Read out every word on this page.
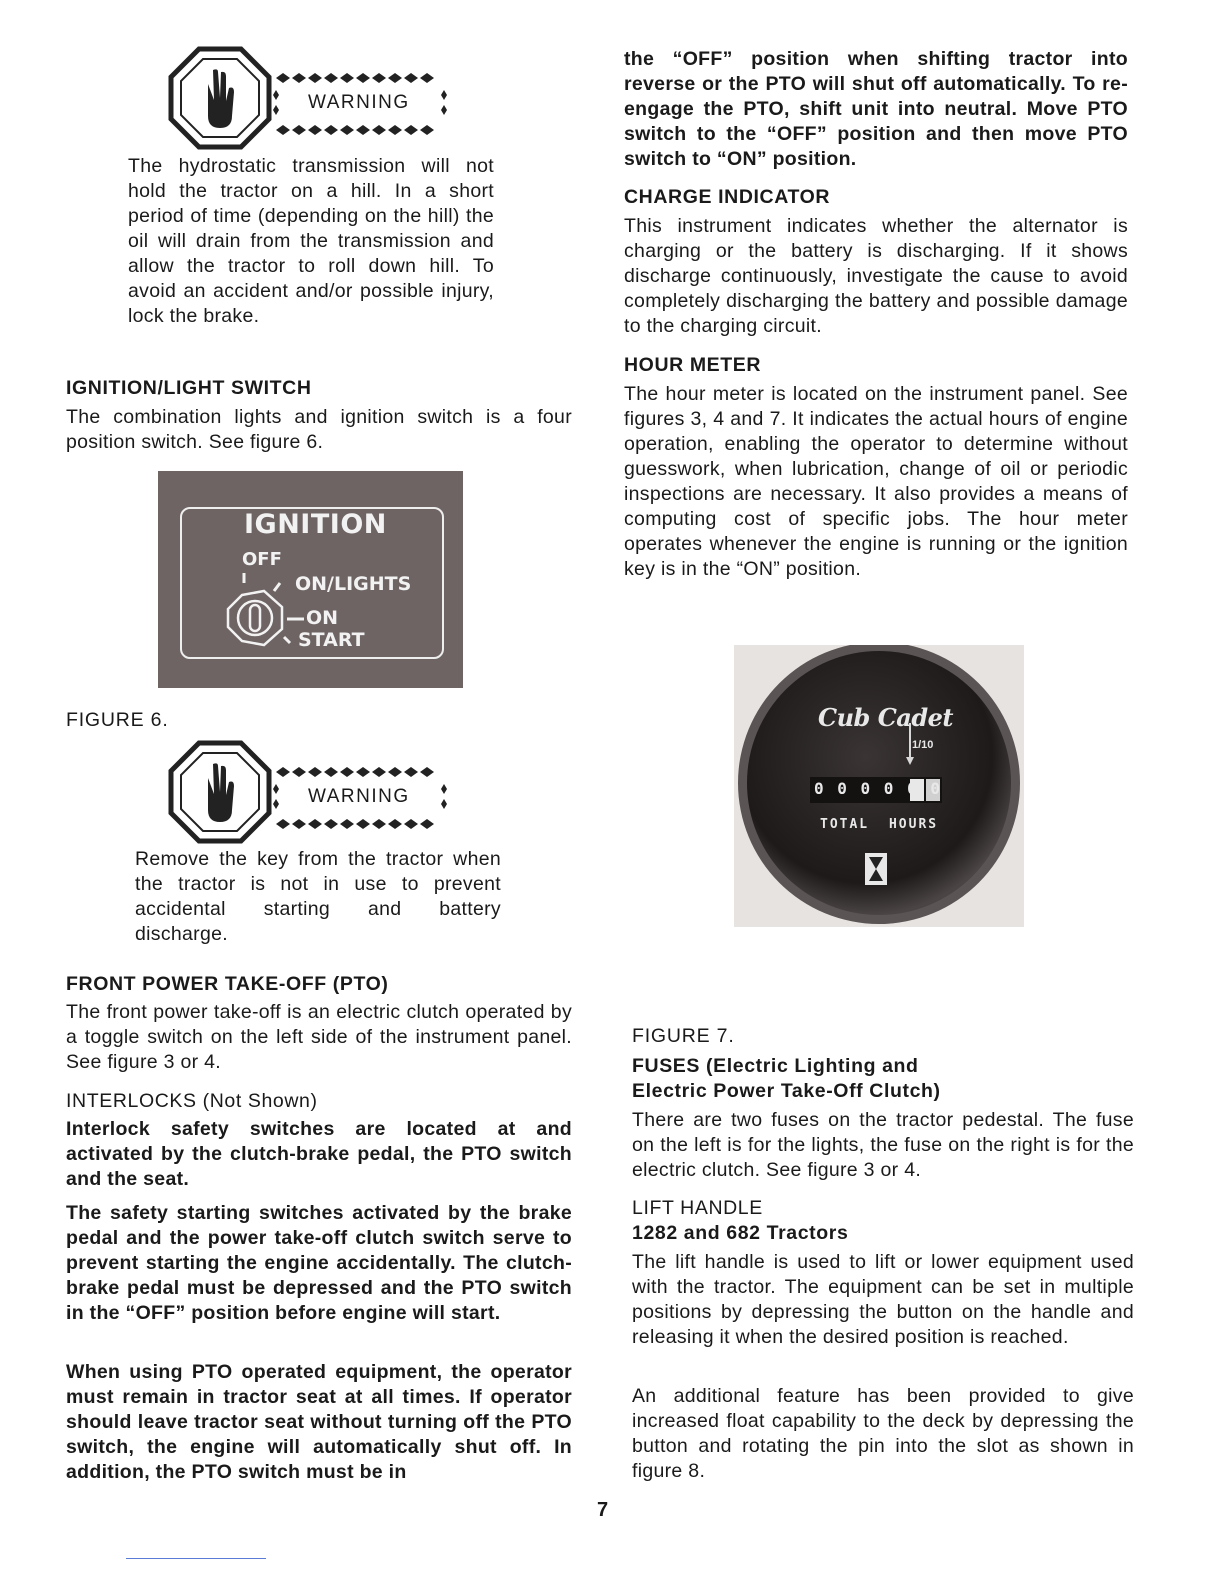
WARNING

The hydrostatic transmission will not hold the tractor on a hill. In a short period of time (depending on the hill) the oil will drain from the transmission and allow the tractor to roll down hill. To avoid an accident and/or possible injury, lock the brake.

IGNITION/LIGHT SWITCH

The combination lights and ignition switch is a four position switch. See figure 6.

IGNITION
OFF
ON/LIGHTS
ON
START

FIGURE 6.

WARNING

Remove the key from the tractor when the tractor is not in use to prevent accidental starting and battery discharge.

FRONT POWER TAKE-OFF (PTO)

The front power take-off is an electric clutch operated by a toggle switch on the left side of the instrument panel. See figure 3 or 4.

INTERLOCKS (Not Shown)

Interlock safety switches are located at and activated by the clutch-brake pedal, the PTO switch and the seat.

The safety starting switches activated by the brake pedal and the power take-off clutch switch serve to prevent starting the engine accidentally. The clutch-brake pedal must be depressed and the PTO switch in the “OFF” position before engine will start.

When using PTO operated equipment, the operator must remain in tractor seat at all times. If operator should leave tractor seat without turning off the PTO switch, the engine will automatically shut off. In addition, the PTO switch must be in

the “OFF” position when shifting tractor into reverse or the PTO will shut off automatically. To re-engage the PTO, shift unit into neutral. Move PTO switch to the “OFF” position and then move PTO switch to “ON” position.

CHARGE INDICATOR

This instrument indicates whether the alternator is charging or the battery is discharging. If it shows discharge continuously, investigate the cause to avoid completely discharging the battery and possible damage to the charging circuit.

HOUR METER

The hour meter is located on the instrument panel. See figures 3, 4 and 7. It indicates the actual hours of engine operation, enabling the operator to determine without guesswork, when lubrication, change of oil or periodic inspections are necessary. It also provides a means of computing cost of specific jobs. The hour meter operates whenever the engine is running or the ignition key is in the “ON” position.

Cub Cadet
1/10
0 0 0 0 0 0
TOTAL HOURS

FIGURE 7.

FUSES (Electric Lighting and

Electric Power Take-Off Clutch)

There are two fuses on the tractor pedestal. The fuse on the left is for the lights, the fuse on the right is for the electric clutch. See figure 3 or 4.

LIFT HANDLE

1282 and 682 Tractors

The lift handle is used to lift or lower equipment used with the tractor. The equipment can be set in multiple positions by depressing the button on the handle and releasing it when the desired position is reached.

An additional feature has been provided to give increased float capability to the deck by depressing the button and rotating the pin into the slot as shown in figure 8.

7
